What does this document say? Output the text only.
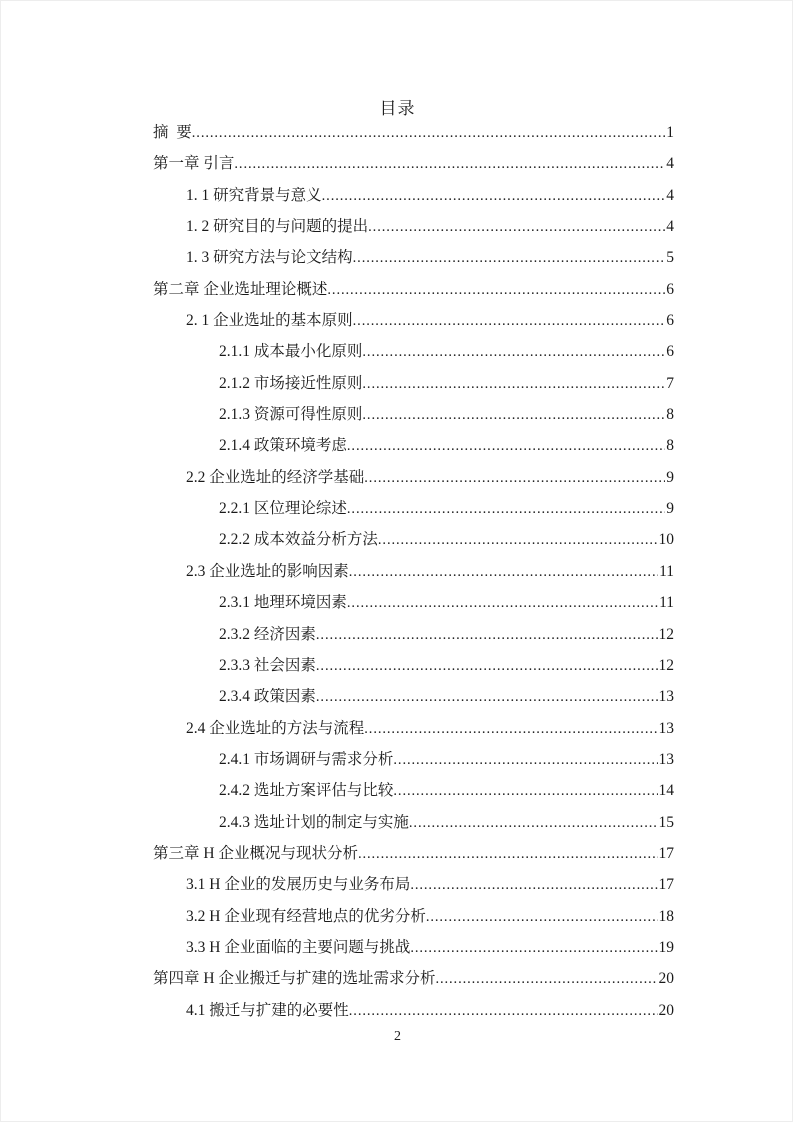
目录
摘  要 .....	1
第一章 引言 .....	4
1. 1 研究背景与意义 .....	4
1. 2 研究目的与问题的提出 .....	4
1. 3 研究方法与论文结构 .....	5
第二章 企业选址理论概述 .....	6
2. 1 企业选址的基本原则 .....	6
2.1.1 成本最小化原则 .....	6
2.1.2 市场接近性原则 .....	7
2.1.3 资源可得性原则 .....	8
2.1.4 政策环境考虑 .....	8
2.2 企业选址的经济学基础 .....	9
2.2.1 区位理论综述 .....	9
2.2.2 成本效益分析方法 .....	10
2.3 企业选址的影响因素 .....	11
2.3.1 地理环境因素 .....	11
2.3.2 经济因素 .....	12
2.3.3 社会因素 .....	12
2.3.4 政策因素 .....	13
2.4 企业选址的方法与流程 .....	13
2.4.1 市场调研与需求分析 .....	13
2.4.2 选址方案评估与比较 .....	14
2.4.3 选址计划的制定与实施 .....	15
第三章 H 企业概况与现状分析 .....	17
3.1 H 企业的发展历史与业务布局 .....	17
3.2 H 企业现有经营地点的优劣分析 .....	18
3.3 H 企业面临的主要问题与挑战 .....	19
第四章 H 企业搬迁与扩建的选址需求分析 .....	20
4.1 搬迁与扩建的必要性 .....	20
2
